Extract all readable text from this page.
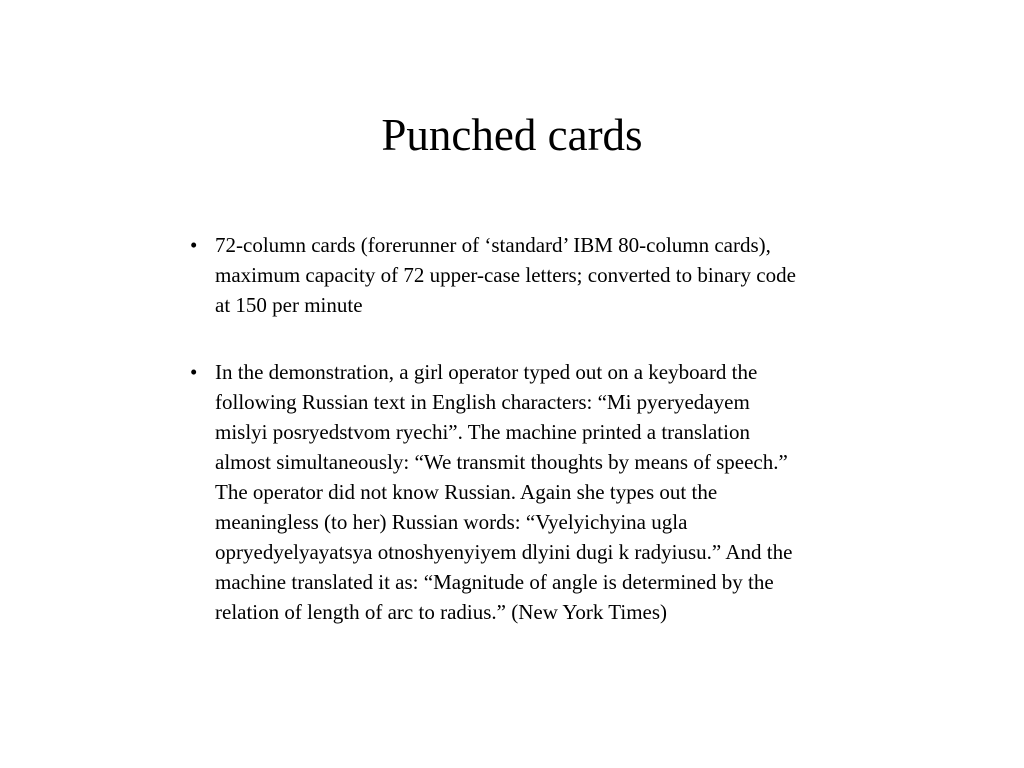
Punched cards
• 72-column cards (forerunner of ‘standard’ IBM 80-column cards),
maximum capacity of 72 upper-case letters; converted to binary code
at 150 per minute
• In the demonstration, a girl operator typed out on a keyboard the
following Russian text in English characters: “Mi pyeryedayem
mislyi posryedstvom ryechi”. The machine printed a translation
almost simultaneously: “We transmit thoughts by means of speech.”
The operator did not know Russian. Again she types out the
meaningless (to her) Russian words: “Vyelyichyina ugla
opryedyelyayatsya otnoshyenyiyem dlyini dugi k radyiusu.” And the
machine translated it as: “Magnitude of angle is determined by the
relation of length of arc to radius.” (New York Times)
